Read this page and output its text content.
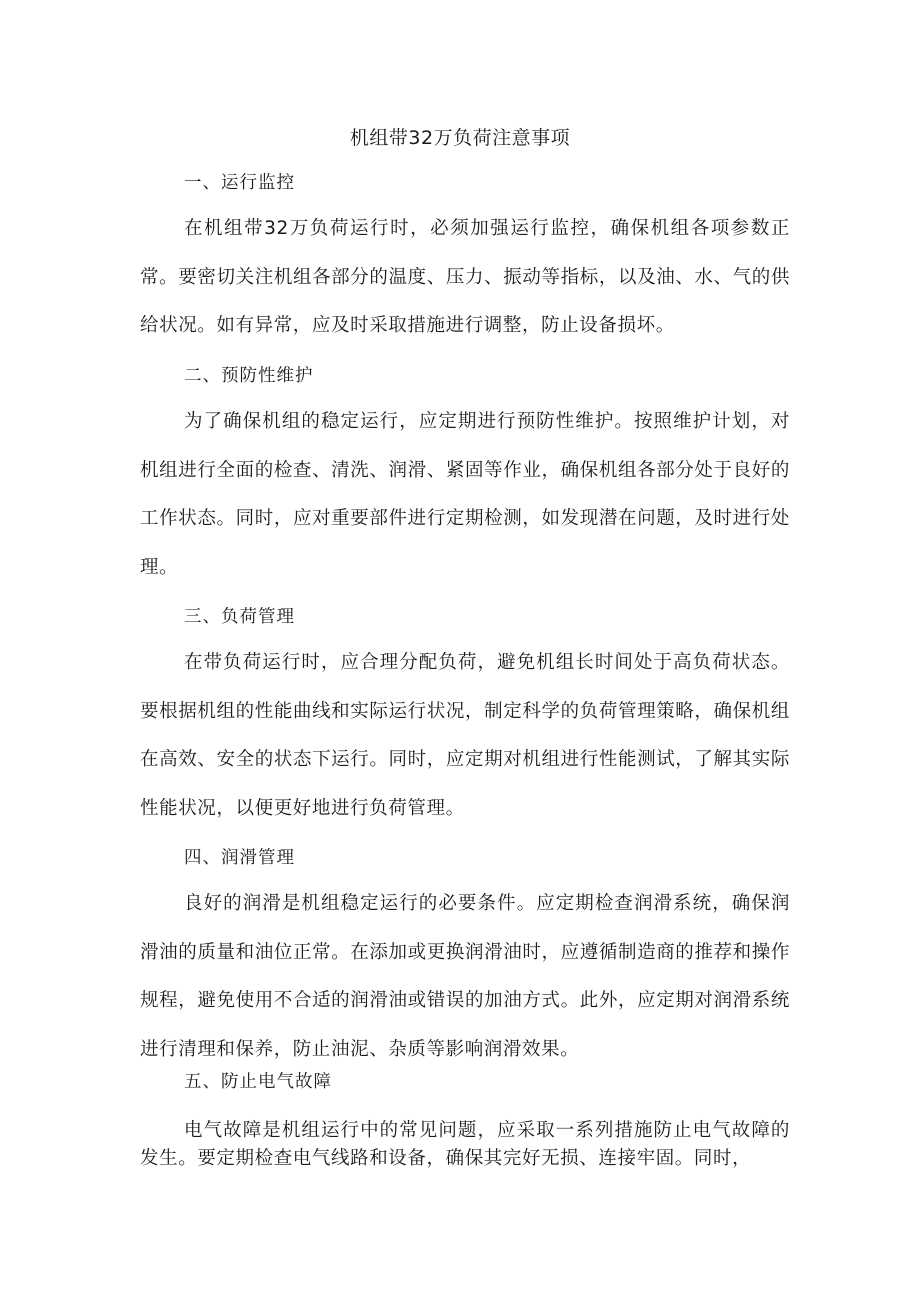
机组带32万负荷注意事项
一、运行监控

在机组带32万负荷运行时，必须加强运行监控，确保机组各项参数正常。要密切关注机组各部分的温度、压力、振动等指标，以及油、水、气的供给状况。如有异常，应及时采取措施进行调整，防止设备损坏。

二、预防性维护

为了确保机组的稳定运行，应定期进行预防性维护。按照维护计划，对机组进行全面的检查、清洗、润滑、紧固等作业，确保机组各部分处于良好的工作状态。同时，应对重要部件进行定期检测，如发现潜在问题，及时进行处理。

三、负荷管理

在带负荷运行时，应合理分配负荷，避免机组长时间处于高负荷状态。要根据机组的性能曲线和实际运行状况，制定科学的负荷管理策略，确保机组在高效、安全的状态下运行。同时，应定期对机组进行性能测试，了解其实际性能状况，以便更好地进行负荷管理。

四、润滑管理

良好的润滑是机组稳定运行的必要条件。应定期检查润滑系统，确保润滑油的质量和油位正常。在添加或更换润滑油时，应遵循制造商的推荐和操作规程，避免使用不合适的润滑油或错误的加油方式。此外，应定期对润滑系统进行清理和保养，防止油泥、杂质等影响润滑效果。

五、防止电气故障

电气故障是机组运行中的常见问题，应采取一系列措施防止电气故障的发生。要定期检查电气线路和设备，确保其完好无损、连接牢固。同时，
